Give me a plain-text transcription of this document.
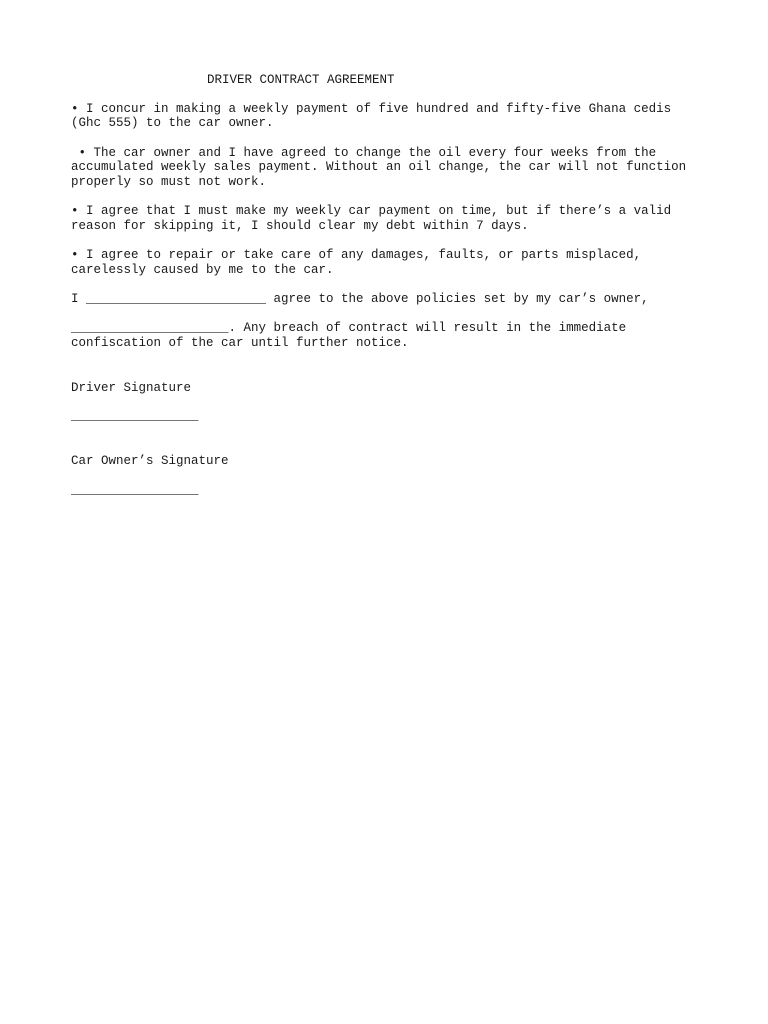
DRIVER CONTRACT AGREEMENT
• I concur in making a weekly payment of five hundred and fifty-five Ghana cedis
(Ghc 555) to the car owner.
• The car owner and I have agreed to change the oil every four weeks from the
accumulated weekly sales payment. Without an oil change, the car will not function
properly so must not work.
• I agree that I must make my weekly car payment on time, but if there’s a valid
reason for skipping it, I should clear my debt within 7 days.
• I agree to repair or take care of any damages, faults, or parts misplaced,
carelessly caused by me to the car.
I ________________________ agree to the above policies set by my car’s owner,
_____________________. Any breach of contract will result in the immediate
confiscation of the car until further notice.
Driver Signature
_________________
Car Owner’s Signature
_________________
